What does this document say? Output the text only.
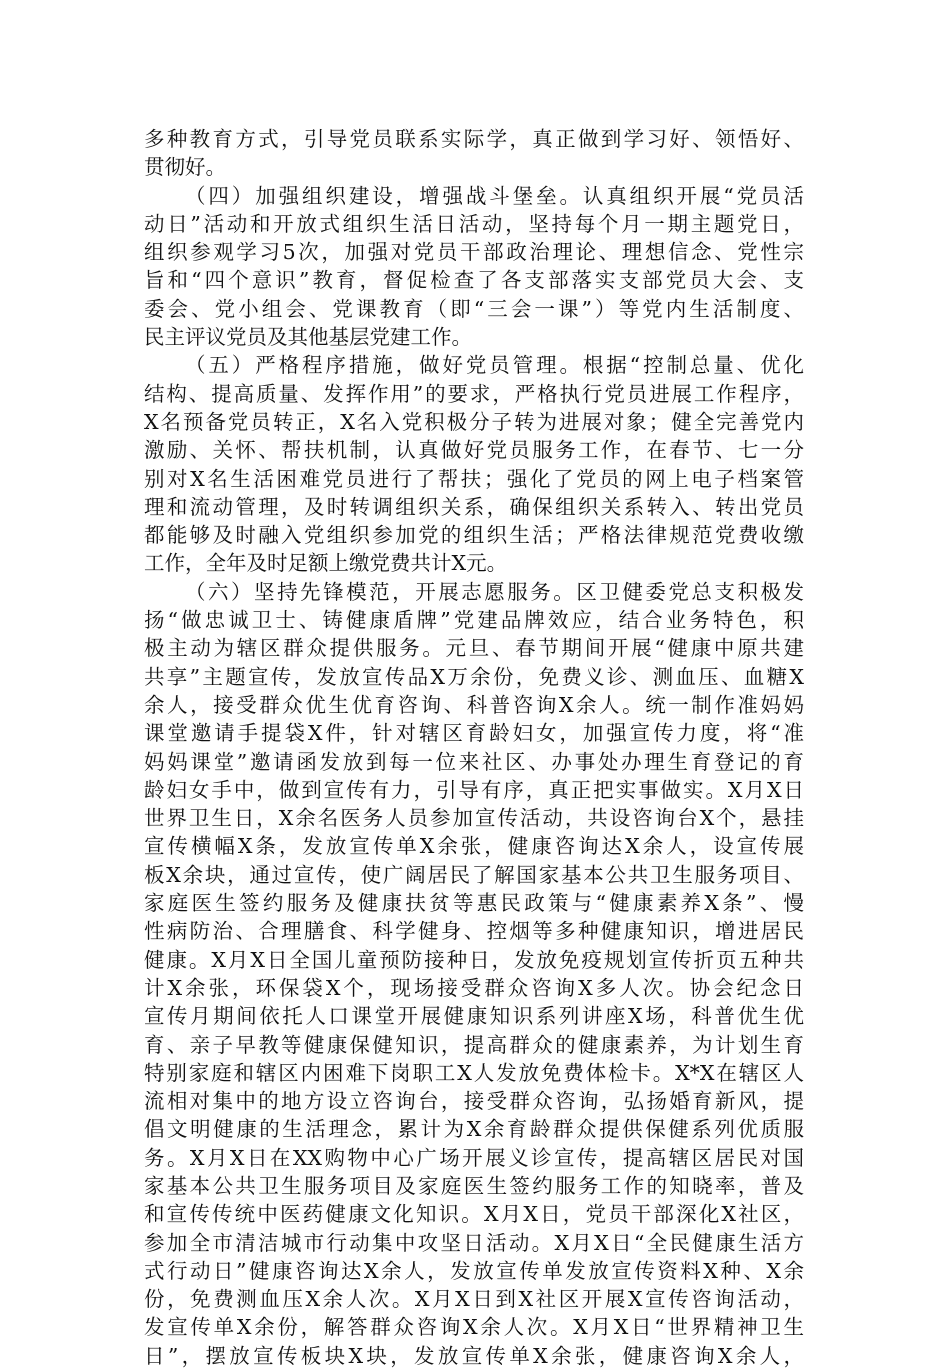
多种教育方式，引导党员联系实际学，真正做到学习好、领悟好、
贯彻好。
（四）加强组织建设，增强战斗堡垒。认真组织开展“党员活
动日”活动和开放式组织生活日活动，坚持每个月一期主题党日，
组织参观学习5次，加强对党员干部政治理论、理想信念、党性宗
旨和“四个意识”教育，督促检查了各支部落实支部党员大会、支
委会、党小组会、党课教育（即“三会一课”）等党内生活制度、
民主评议党员及其他基层党建工作。
（五）严格程序措施，做好党员管理。根据“控制总量、优化
结构、提高质量、发挥作用”的要求，严格执行党员进展工作程序，
X名预备党员转正，X名入党积极分子转为进展对象；健全完善党内
激励、关怀、帮扶机制，认真做好党员服务工作，在春节、七一分
别对X名生活困难党员进行了帮扶；强化了党员的网上电子档案管
理和流动管理，及时转调组织关系，确保组织关系转入、转出党员
都能够及时融入党组织参加党的组织生活；严格法律规范党费收缴
工作，全年及时足额上缴党费共计X元。
（六）坚持先锋模范，开展志愿服务。区卫健委党总支积极发
扬“做忠诚卫士、铸健康盾牌”党建品牌效应，结合业务特色，积
极主动为辖区群众提供服务。元旦、春节期间开展“健康中原共建
共享”主题宣传，发放宣传品X万余份，免费义诊、测血压、血糖X
余人，接受群众优生优育咨询、科普咨询X余人。统一制作准妈妈
课堂邀请手提袋X件，针对辖区育龄妇女，加强宣传力度，将“准
妈妈课堂”邀请函发放到每一位来社区、办事处办理生育登记的育
龄妇女手中，做到宣传有力，引导有序，真正把实事做实。X月X日
世界卫生日，X余名医务人员参加宣传活动，共设咨询台X个，悬挂
宣传横幅X条，发放宣传单X余张，健康咨询达X余人，设宣传展
板X余块，通过宣传，使广阔居民了解国家基本公共卫生服务项目、
家庭医生签约服务及健康扶贫等惠民政策与“健康素养X条”、慢
性病防治、合理膳食、科学健身、控烟等多种健康知识，增进居民
健康。X月X日全国儿童预防接种日，发放免疫规划宣传折页五种共
计X余张，环保袋X个，现场接受群众咨询X多人次。协会纪念日
宣传月期间依托人口课堂开展健康知识系列讲座X场，科普优生优
育、亲子早教等健康保健知识，提高群众的健康素养，为计划生育
特别家庭和辖区内困难下岗职工X人发放免费体检卡。X*X在辖区人
流相对集中的地方设立咨询台，接受群众咨询，弘扬婚育新风，提
倡文明健康的生活理念，累计为X余育龄群众提供保健系列优质服
务。X月X日在XX购物中心广场开展义诊宣传，提高辖区居民对国
家基本公共卫生服务项目及家庭医生签约服务工作的知晓率，普及
和宣传传统中医药健康文化知识。X月X日，党员干部深化X社区，
参加全市清洁城市行动集中攻坚日活动。X月X日“全民健康生活方
式行动日”健康咨询达X余人，发放宣传单发放宣传资料X种、X余
份，免费测血压X余人次。X月X日到X社区开展X宣传咨询活动，
发宣传单X余份，解答群众咨询X余人次。X月X日“世界精神卫生
日”，摆放宣传板块X块，发放宣传单X余张，健康咨询X余人，
